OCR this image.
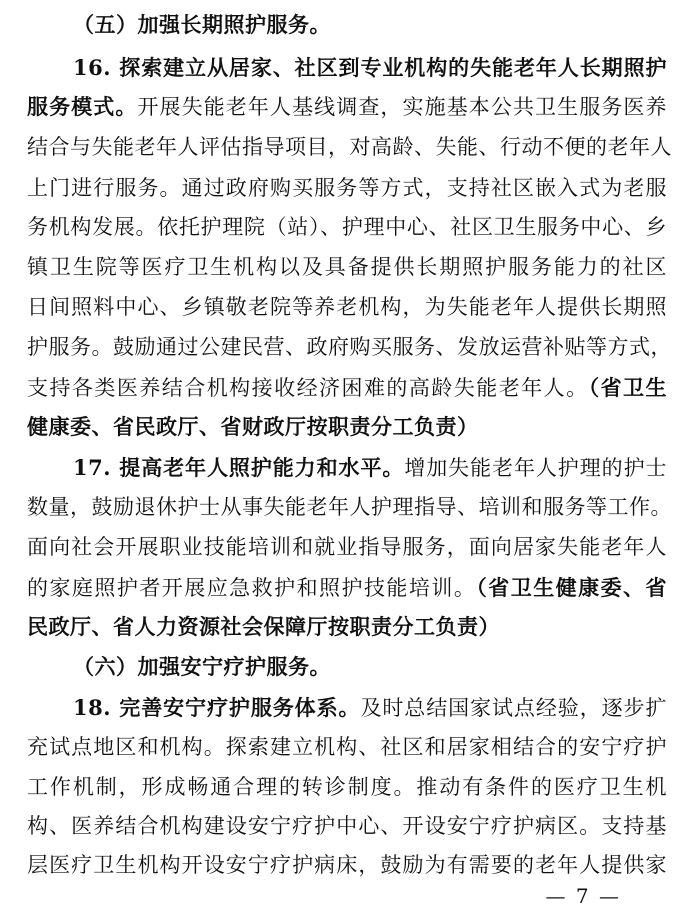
（五）加强长期照护服务。
16. 探索建立从居家、社区到专业机构的失能老年人长期照护
服务模式。开展失能老年人基线调查，实施基本公共卫生服务医养
结合与失能老年人评估指导项目，对高龄、失能、行动不便的老年人
上门进行服务。通过政府购买服务等方式，支持社区嵌入式为老服
务机构发展。依托护理院（站）、护理中心、社区卫生服务中心、乡
镇卫生院等医疗卫生机构以及具备提供长期照护服务能力的社区
日间照料中心、乡镇敬老院等养老机构，为失能老年人提供长期照
护服务。鼓励通过公建民营、政府购买服务、发放运营补贴等方式，
支持各类医养结合机构接收经济困难的高龄失能老年人。（省卫生
健康委、省民政厅、省财政厅按职责分工负责）
17. 提高老年人照护能力和水平。增加失能老年人护理的护士
数量，鼓励退休护士从事失能老年人护理指导、培训和服务等工作。
面向社会开展职业技能培训和就业指导服务，面向居家失能老年人
的家庭照护者开展应急救护和照护技能培训。（省卫生健康委、省
民政厅、省人力资源社会保障厅按职责分工负责）
（六）加强安宁疗护服务。
18. 完善安宁疗护服务体系。及时总结国家试点经验，逐步扩
充试点地区和机构。探索建立机构、社区和居家相结合的安宁疗护
工作机制，形成畅通合理的转诊制度。推动有条件的医疗卫生机
构、医养结合机构建设安宁疗护中心、开设安宁疗护病区。支持基
层医疗卫生机构开设安宁疗护病床，鼓励为有需要的老年人提供家
— 7 —
